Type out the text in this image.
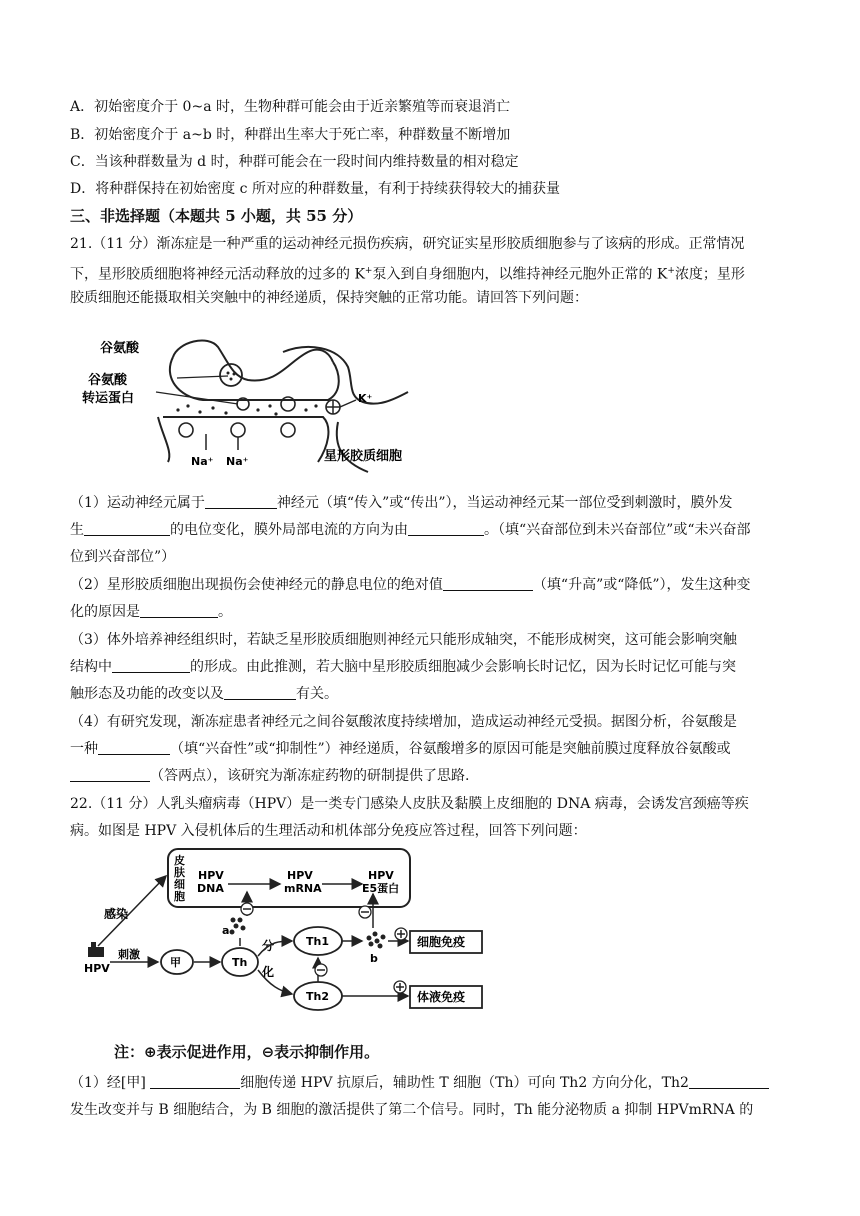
A．初始密度介于 0~a 时，生物种群可能会由于近亲繁殖等而衰退消亡
B．初始密度介于 a~b 时，种群出生率大于死亡率，种群数量不断增加
C．当该种群数量为 d 时，种群可能会在一段时间内维持数量的相对稳定
D．将种群保持在初始密度 c 所对应的种群数量，有利于持续获得较大的捕获量
三、非选择题（本题共 5 小题，共 55 分）
21.（11 分）渐冻症是一种严重的运动神经元损伤疾病，研究证实星形胶质细胞参与了该病的形成。正常情况
下，星形胶质细胞将神经元活动释放的过多的 K+泵入到自身细胞内，以维持神经元胞外正常的 K+浓度；星形
胶质细胞还能摄取相关突触中的神经递质，保持突触的正常功能。请回答下列问题：
谷氨酸
谷氨酸
转运蛋白	K⁺
Na⁺ Na⁺	星形胶质细胞
（1）运动神经元属于	神经元（填“传入”或“传出”），当运动神经元某一部位受到刺激时，膜外发
生	的电位变化，膜外局部电流的方向为由	。（填“兴奋部位到未兴奋部位”或“未兴奋部
位到兴奋部位”）
（2）星形胶质细胞出现损伤会使神经元的静息电位的绝对值	（填“升高”或“降低”），发生这种变
化的原因是	。
（3）体外培养神经组织时，若缺乏星形胶质细胞则神经元只能形成轴突，不能形成树突，这可能会影响突触
结构中	的形成。由此推测，若大脑中星形胶质细胞减少会影响长时记忆，因为长时记忆可能与突
触形态及功能的改变以及	有关。
（4）有研究发现，渐冻症患者神经元之间谷氨酸浓度持续增加，造成运动神经元受损。据图分析，谷氨酸是
一种	（填“兴奋性”或“抑制性”）神经递质，谷氨酸增多的原因可能是突触前膜过度释放谷氨酸或
（答两点），该研究为渐冻症药物的研制提供了思路.
22.（11 分）人乳头瘤病毒（HPV）是一类专门感染人皮肤及黏膜上皮细胞的 DNA 病毒，会诱发宫颈癌等疾
病。如图是 HPV 入侵机体后的生理活动和机体部分免疫应答过程，回答下列问题：
皮
肤
细
胞
HPV
DNA
HPV
mRNA
HPV
E5蛋白
感染
HPV
刺激
甲	Th
a
分
化
Th1
Th2
b
细胞免疫
体液免疫
注：⊕表示促进作用，⊖表示抑制作用。
（1）经[甲]	细胞传递 HPV 抗原后，辅助性 T 细胞（Th）可向 Th2 方向分化，Th2
发生改变并与 B 细胞结合，为 B 细胞的激活提供了第二个信号。同时，Th 能分泌物质 a 抑制 HPVmRNA 的
